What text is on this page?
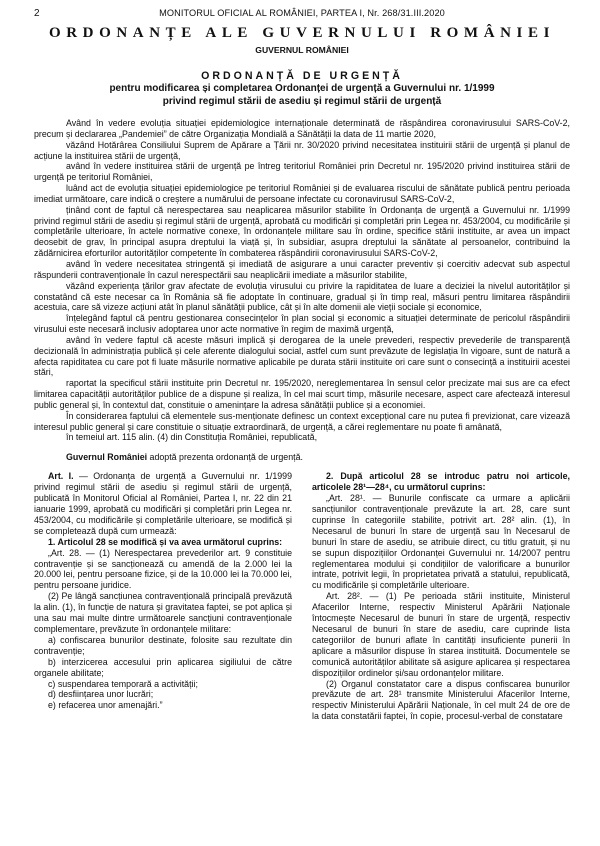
2	MONITORUL OFICIAL AL ROMÂNIEI, PARTEA I, Nr. 268/31.III.2020
ORDONANȚE ALE GUVERNULUI ROMÂNIEI
GUVERNUL ROMÂNIEI
ORDONANȚĂ DE URGENȚĂ
pentru modificarea și completarea Ordonanței de urgență a Guvernului nr. 1/1999
privind regimul stării de asediu și regimul stării de urgență

Având în vedere evoluția situației epidemiologice internaționale determinată de răspândirea coronavirusului SARS-CoV-2, precum și declararea „Pandemiei” de către Organizația Mondială a Sănătății la data de 11 martie 2020,

văzând Hotărârea Consiliului Suprem de Apărare a Țării nr. 30/2020 privind necesitatea instituirii stării de urgență și planul de acțiune la instituirea stării de urgență,

având în vedere instituirea stării de urgență pe întreg teritoriul României prin Decretul nr. 195/2020 privind instituirea stării de urgență pe teritoriul României,

luând act de evoluția situației epidemiologice pe teritoriul României și de evaluarea riscului de sănătate publică pentru perioada imediat următoare, care indică o creștere a numărului de persoane infectate cu coronavirusul SARS-CoV-2,

ținând cont de faptul că nerespectarea sau neaplicarea măsurilor stabilite în Ordonanța de urgență a Guvernului nr. 1/1999 privind regimul stării de asediu și regimul stării de urgență, aprobată cu modificări și completări prin Legea nr. 453/2004, cu modificările și completările ulterioare, în actele normative conexe, în ordonanțele militare sau în ordine, specifice stării instituite, ar avea un impact deosebit de grav, în principal asupra dreptului la viață și, în subsidiar, asupra dreptului la sănătate al persoanelor, contribuind la zădărnicirea eforturilor autorităților competente în combaterea răspândirii coronavirusului SARS-CoV-2,

având în vedere necesitatea stringentă și imediată de asigurare a unui caracter preventiv și coercitiv adecvat sub aspectul răspunderii contravenționale în cazul nerespectării sau neaplicării imediate a măsurilor stabilite,

văzând experiența țărilor grav afectate de evoluția virusului cu privire la rapiditatea de luare a deciziei la nivelul autorităților și constatând că este necesar ca în România să fie adoptate în continuare, gradual și în timp real, măsuri pentru limitarea răspândirii acestuia, care să vizeze acțiuni atât în planul sănătății publice, cât și în alte domenii ale vieții sociale și economice,

înțelegând faptul că pentru gestionarea consecințelor în plan social și economic a situației determinate de pericolul răspândirii virusului este necesară inclusiv adoptarea unor acte normative în regim de maximă urgență,

având în vedere faptul că aceste măsuri implică și derogarea de la unele prevederi, respectiv prevederile de transparență decizională în administrația publică și cele aferente dialogului social, astfel cum sunt prevăzute de legislația în vigoare, sunt de natură a afecta rapiditatea cu care pot fi luate măsurile normative aplicabile pe durata stării instituite ori care sunt o consecință a instituirii acestei stări,

raportat la specificul stării instituite prin Decretul nr. 195/2020, nereglementarea în sensul celor precizate mai sus are ca efect limitarea capacității autorităților publice de a dispune și realiza, în cel mai scurt timp, măsurile necesare, aspect care afectează interesul public general și, în contextul dat, constituie o amenințare la adresa sănătății publice și a economiei.

În considerarea faptului că elementele sus-menționate definesc un context excepțional care nu putea fi previzionat, care vizează interesul public general și care constituie o situație extraordinară, de urgență, a cărei reglementare nu poate fi amânată,

în temeiul art. 115 alin. (4) din Constituția României, republicată,

Guvernul României adoptă prezenta ordonanță de urgență.

Art. I. — Ordonanța de urgență a Guvernului nr. 1/1999 privind regimul stării de asediu și regimul stării de urgență, publicată în Monitorul Oficial al României, Partea I, nr. 22 din 21 ianuarie 1999, aprobată cu modificări și completări prin Legea nr. 453/2004, cu modificările și completările ulterioare, se modifică și se completează după cum urmează:

1. Articolul 28 se modifică și va avea următorul cuprins:

„Art. 28. — (1) Nerespectarea prevederilor art. 9 constituie contravenție și se sancționează cu amendă de la 2.000 lei la 20.000 lei, pentru persoane fizice, și de la 10.000 lei la 70.000 lei, pentru persoane juridice.

(2) Pe lângă sancțiunea contravențională principală prevăzută la alin. (1), în funcție de natura și gravitatea faptei, se pot aplica și una sau mai multe dintre următoarele sancțiuni contravenționale complementare, prevăzute în ordonanțele militare:

a) confiscarea bunurilor destinate, folosite sau rezultate din contravenție;

b) interzicerea accesului prin aplicarea sigiliului de către organele abilitate;

c) suspendarea temporară a activității;

d) desființarea unor lucrări;

e) refacerea unor amenajări.”

2. După articolul 28 se introduc patru noi articole, articolele 28¹—28⁴, cu următorul cuprins:

„Art. 28¹. — Bunurile confiscate ca urmare a aplicării sancțiunilor contravenționale prevăzute la art. 28, care sunt cuprinse în categoriile stabilite, potrivit art. 28² alin. (1), în Necesarul de bunuri în stare de urgență sau în Necesarul de bunuri în stare de asediu, se atribuie direct, cu titlu gratuit, și nu se supun dispozițiilor Ordonanței Guvernului nr. 14/2007 pentru reglementarea modului și condițiilor de valorificare a bunurilor intrate, potrivit legii, în proprietatea privată a statului, republicată, cu modificările și completările ulterioare.

Art. 28². — (1) Pe perioada stării instituite, Ministerul Afacerilor Interne, respectiv Ministerul Apărării Naționale întocmește Necesarul de bunuri în stare de urgență, respectiv Necesarul de bunuri în stare de asediu, care cuprinde lista categoriilor de bunuri aflate în cantități insuficiente punerii în aplicare a măsurilor dispuse în starea instituită. Documentele se comunică autorităților abilitate să asigure aplicarea și respectarea dispozițiilor ordinelor și/sau ordonanțelor militare.

(2) Organul constatator care a dispus confiscarea bunurilor prevăzute de art. 28¹ transmite Ministerului Afacerilor Interne, respectiv Ministerului Apărării Naționale, în cel mult 24 de ore de la data constatării faptei, în copie, procesul-verbal de constatare
